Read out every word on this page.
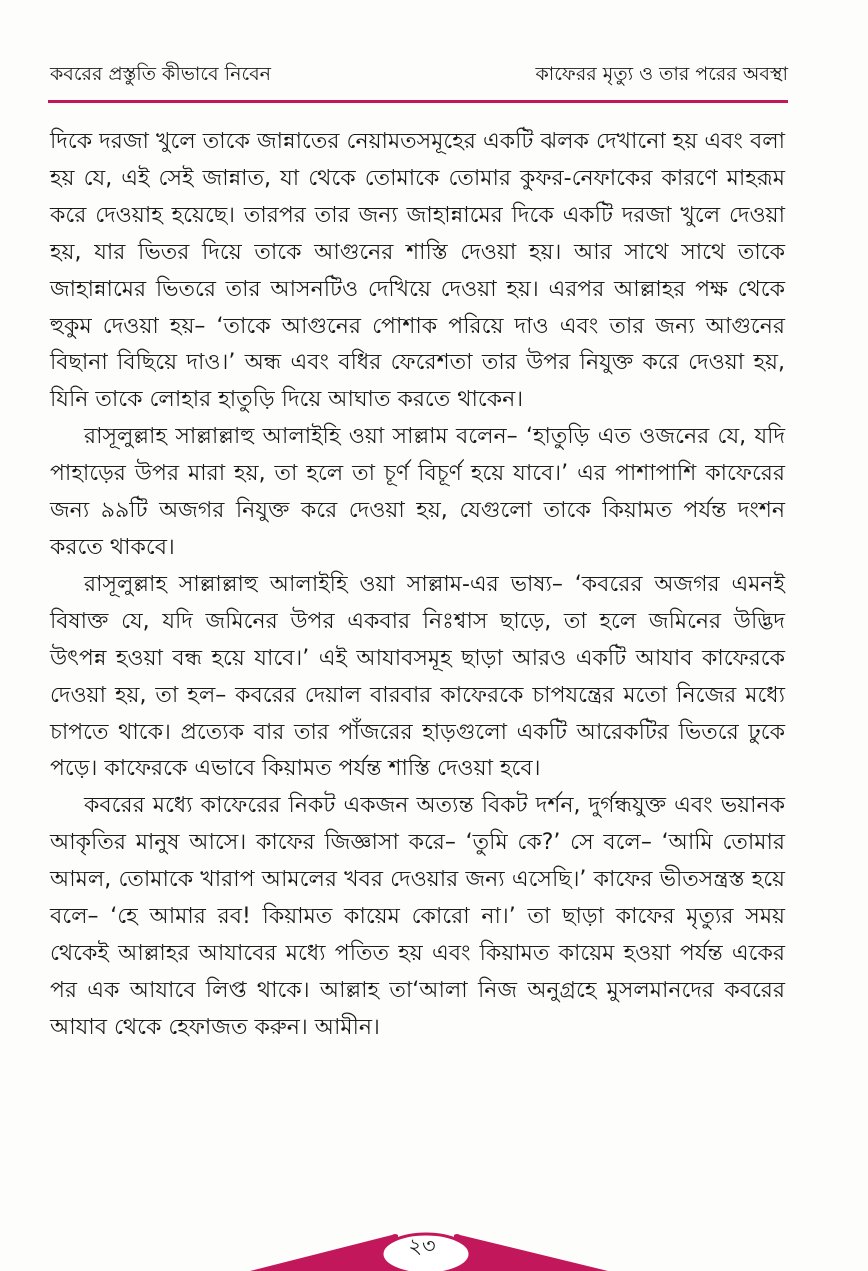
কবরের প্রস্তুতি কীভাবে নিবেন	কাফেরর মৃত্যু ও তার পরের অবস্থা

দিকে দরজা খুলে তাকে জান্নাতের নেয়ামতসমূহের একটি ঝলক দেখানো হয় এবং বলা হয় যে, এই সেই জান্নাত, যা থেকে তোমাকে তোমার কুফর-নেফাকের কারণে মাহরূম করে দেওয়াহ হয়েছে। তারপর তার জন্য জাহান্নামের দিকে একটি দরজা খুলে দেওয়া হয়, যার ভিতর দিয়ে তাকে আগুনের শাস্তি দেওয়া হয়। আর সাথে সাথে তাকে জাহান্নামের ভিতরে তার আসনটিও দেখিয়ে দেওয়া হয়। এরপর আল্লাহর পক্ষ থেকে হুকুম দেওয়া হয়– ‘তাকে আগুনের পোশাক পরিয়ে দাও এবং তার জন্য আগুনের বিছানা বিছিয়ে দাও।’ অন্ধ এবং বধির ফেরেশতা তার উপর নিযুক্ত করে দেওয়া হয়, যিনি তাকে লোহার হাতুড়ি দিয়ে আঘাত করতে থাকেন।

রাসূলুল্লাহ সাল্লাল্লাহু আলাইহি ওয়া সাল্লাম বলেন– ‘হাতুড়ি এত ওজনের যে, যদি পাহাড়ের উপর মারা হয়, তা হলে তা চূর্ণ বিচূর্ণ হয়ে যাবে।’ এর পাশাপাশি কাফেরের জন্য ৯৯টি অজগর নিযুক্ত করে দেওয়া হয়, যেগুলো তাকে কিয়ামত পর্যন্ত দংশন করতে থাকবে।

রাসূলুল্লাহ সাল্লাল্লাহু আলাইহি ওয়া সাল্লাম-এর ভাষ্য– ‘কবরের অজগর এমনই বিষাক্ত যে, যদি জমিনের উপর একবার নিঃশ্বাস ছাড়ে, তা হলে জমিনের উদ্ভিদ উৎপন্ন হওয়া বন্ধ হয়ে যাবে।’ এই আযাবসমূহ ছাড়া আরও একটি আযাব কাফেরকে দেওয়া হয়, তা হল– কবরের দেয়াল বারবার কাফেরকে চাপযন্ত্রের মতো নিজের মধ্যে চাপতে থাকে। প্রত্যেক বার তার পাঁজরের হাড়গুলো একটি আরেকটির ভিতরে ঢুকে পড়ে। কাফেরকে এভাবে কিয়ামত পর্যন্ত শাস্তি দেওয়া হবে।

কবরের মধ্যে কাফেরের নিকট একজন অত্যন্ত বিকট দর্শন, দুর্গন্ধযুক্ত এবং ভয়ানক আকৃতির মানুষ আসে। কাফের জিজ্ঞাসা করে– ‘তুমি কে?’ সে বলে– ‘আমি তোমার আমল, তোমাকে খারাপ আমলের খবর দেওয়ার জন্য এসেছি।’ কাফের ভীতসন্ত্রস্ত হয়ে বলে– ‘হে আমার রব! কিয়ামত কায়েম কোরো না।’ তা ছাড়া কাফের মৃত্যুর সময় থেকেই আল্লাহর আযাবের মধ্যে পতিত হয় এবং কিয়ামত কায়েম হওয়া পর্যন্ত একের পর এক আযাবে লিপ্ত থাকে। আল্লাহ তা‘আলা নিজ অনুগ্রহে মুসলমানদের কবরের আযাব থেকে হেফাজত করুন। আমীন।

২৩
